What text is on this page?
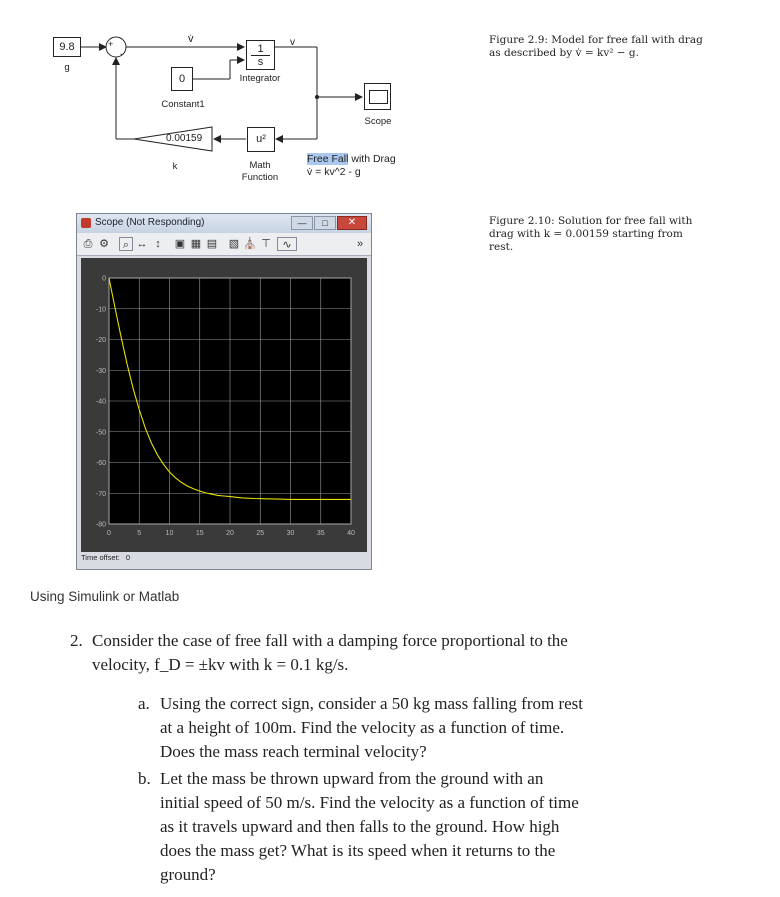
9.8
g
+
-
v̇
$\frac{1}{s}$
Integrator
v
0
Constant1
Scope
0.00159
k
u²
Math
Function
Free Fall with Drag
v̇ = kv^2 - g
Figure 2.9: Model for free fall with drag
as described by v̇ = kv² − g.
Figure 2.10: Solution for free fall with
drag with k = 0.00159 starting from
rest.
Scope (Not Responding)	—	□	✕
⎙ ⚙	⌕ ↔ ↕	▣ ▦ ▤ ▧ ⛪ ⊤	∿	»
0	5	10	15	20	25	30	35	40
0
-10
-20
-30
-40
-50
-60
-70
-80
Time offset: 0
Using Simulink or Matlab
2. Consider the case of free fall with a damping force proportional to the
velocity, f_D = ±kv with k = 0.1 kg/s.
a. Using the correct sign, consider a 50 kg mass falling from rest
at a height of 100m. Find the velocity as a function of time.
Does the mass reach terminal velocity?
b. Let the mass be thrown upward from the ground with an
initial speed of 50 m/s. Find the velocity as a function of time
as it travels upward and then falls to the ground. How high
does the mass get? What is its speed when it returns to the
ground?
